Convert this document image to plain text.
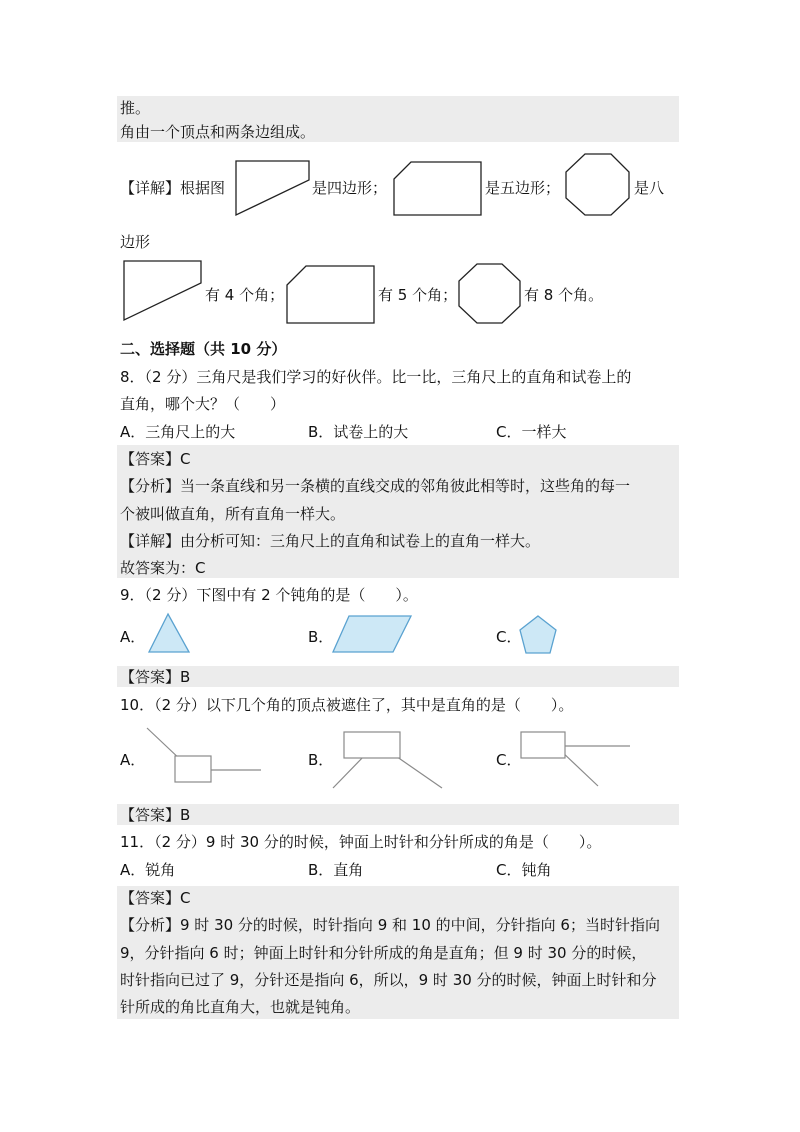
推。
角由一个顶点和两条边组成。
【详解】根据图	是四边形；	是五边形；	是八
边形
有 4 个角；	有 5 个角；	有 8 个角。
二、选择题（共 10 分）
8．（2 分）三角尺是我们学习的好伙伴。比一比，三角尺上的直角和试卷上的
直角，哪个大？（　　）
A．三角尺上的大	B．试卷上的大	C．一样大
【答案】C
【分析】当一条直线和另一条横的直线交成的邻角彼此相等时，这些角的每一
个被叫做直角，所有直角一样大。
【详解】由分析可知：三角尺上的直角和试卷上的直角一样大。
故答案为：C
9．（2 分）下图中有 2 个钝角的是（　　）。
A．	B．	C．
【答案】B
10．（2 分）以下几个角的顶点被遮住了，其中是直角的是（　　）。
A．	B．	C．
【答案】B
11．（2 分）9 时 30 分的时候，钟面上时针和分针所成的角是（　　）。
A．锐角	B．直角	C．钝角
【答案】C
【分析】9 时 30 分的时候，时针指向 9 和 10 的中间，分针指向 6；当时针指向
9，分针指向 6 时；钟面上时针和分针所成的角是直角；但 9 时 30 分的时候，
时针指向已过了 9，分针还是指向 6，所以，9 时 30 分的时候，钟面上时针和分
针所成的角比直角大，也就是钝角。
